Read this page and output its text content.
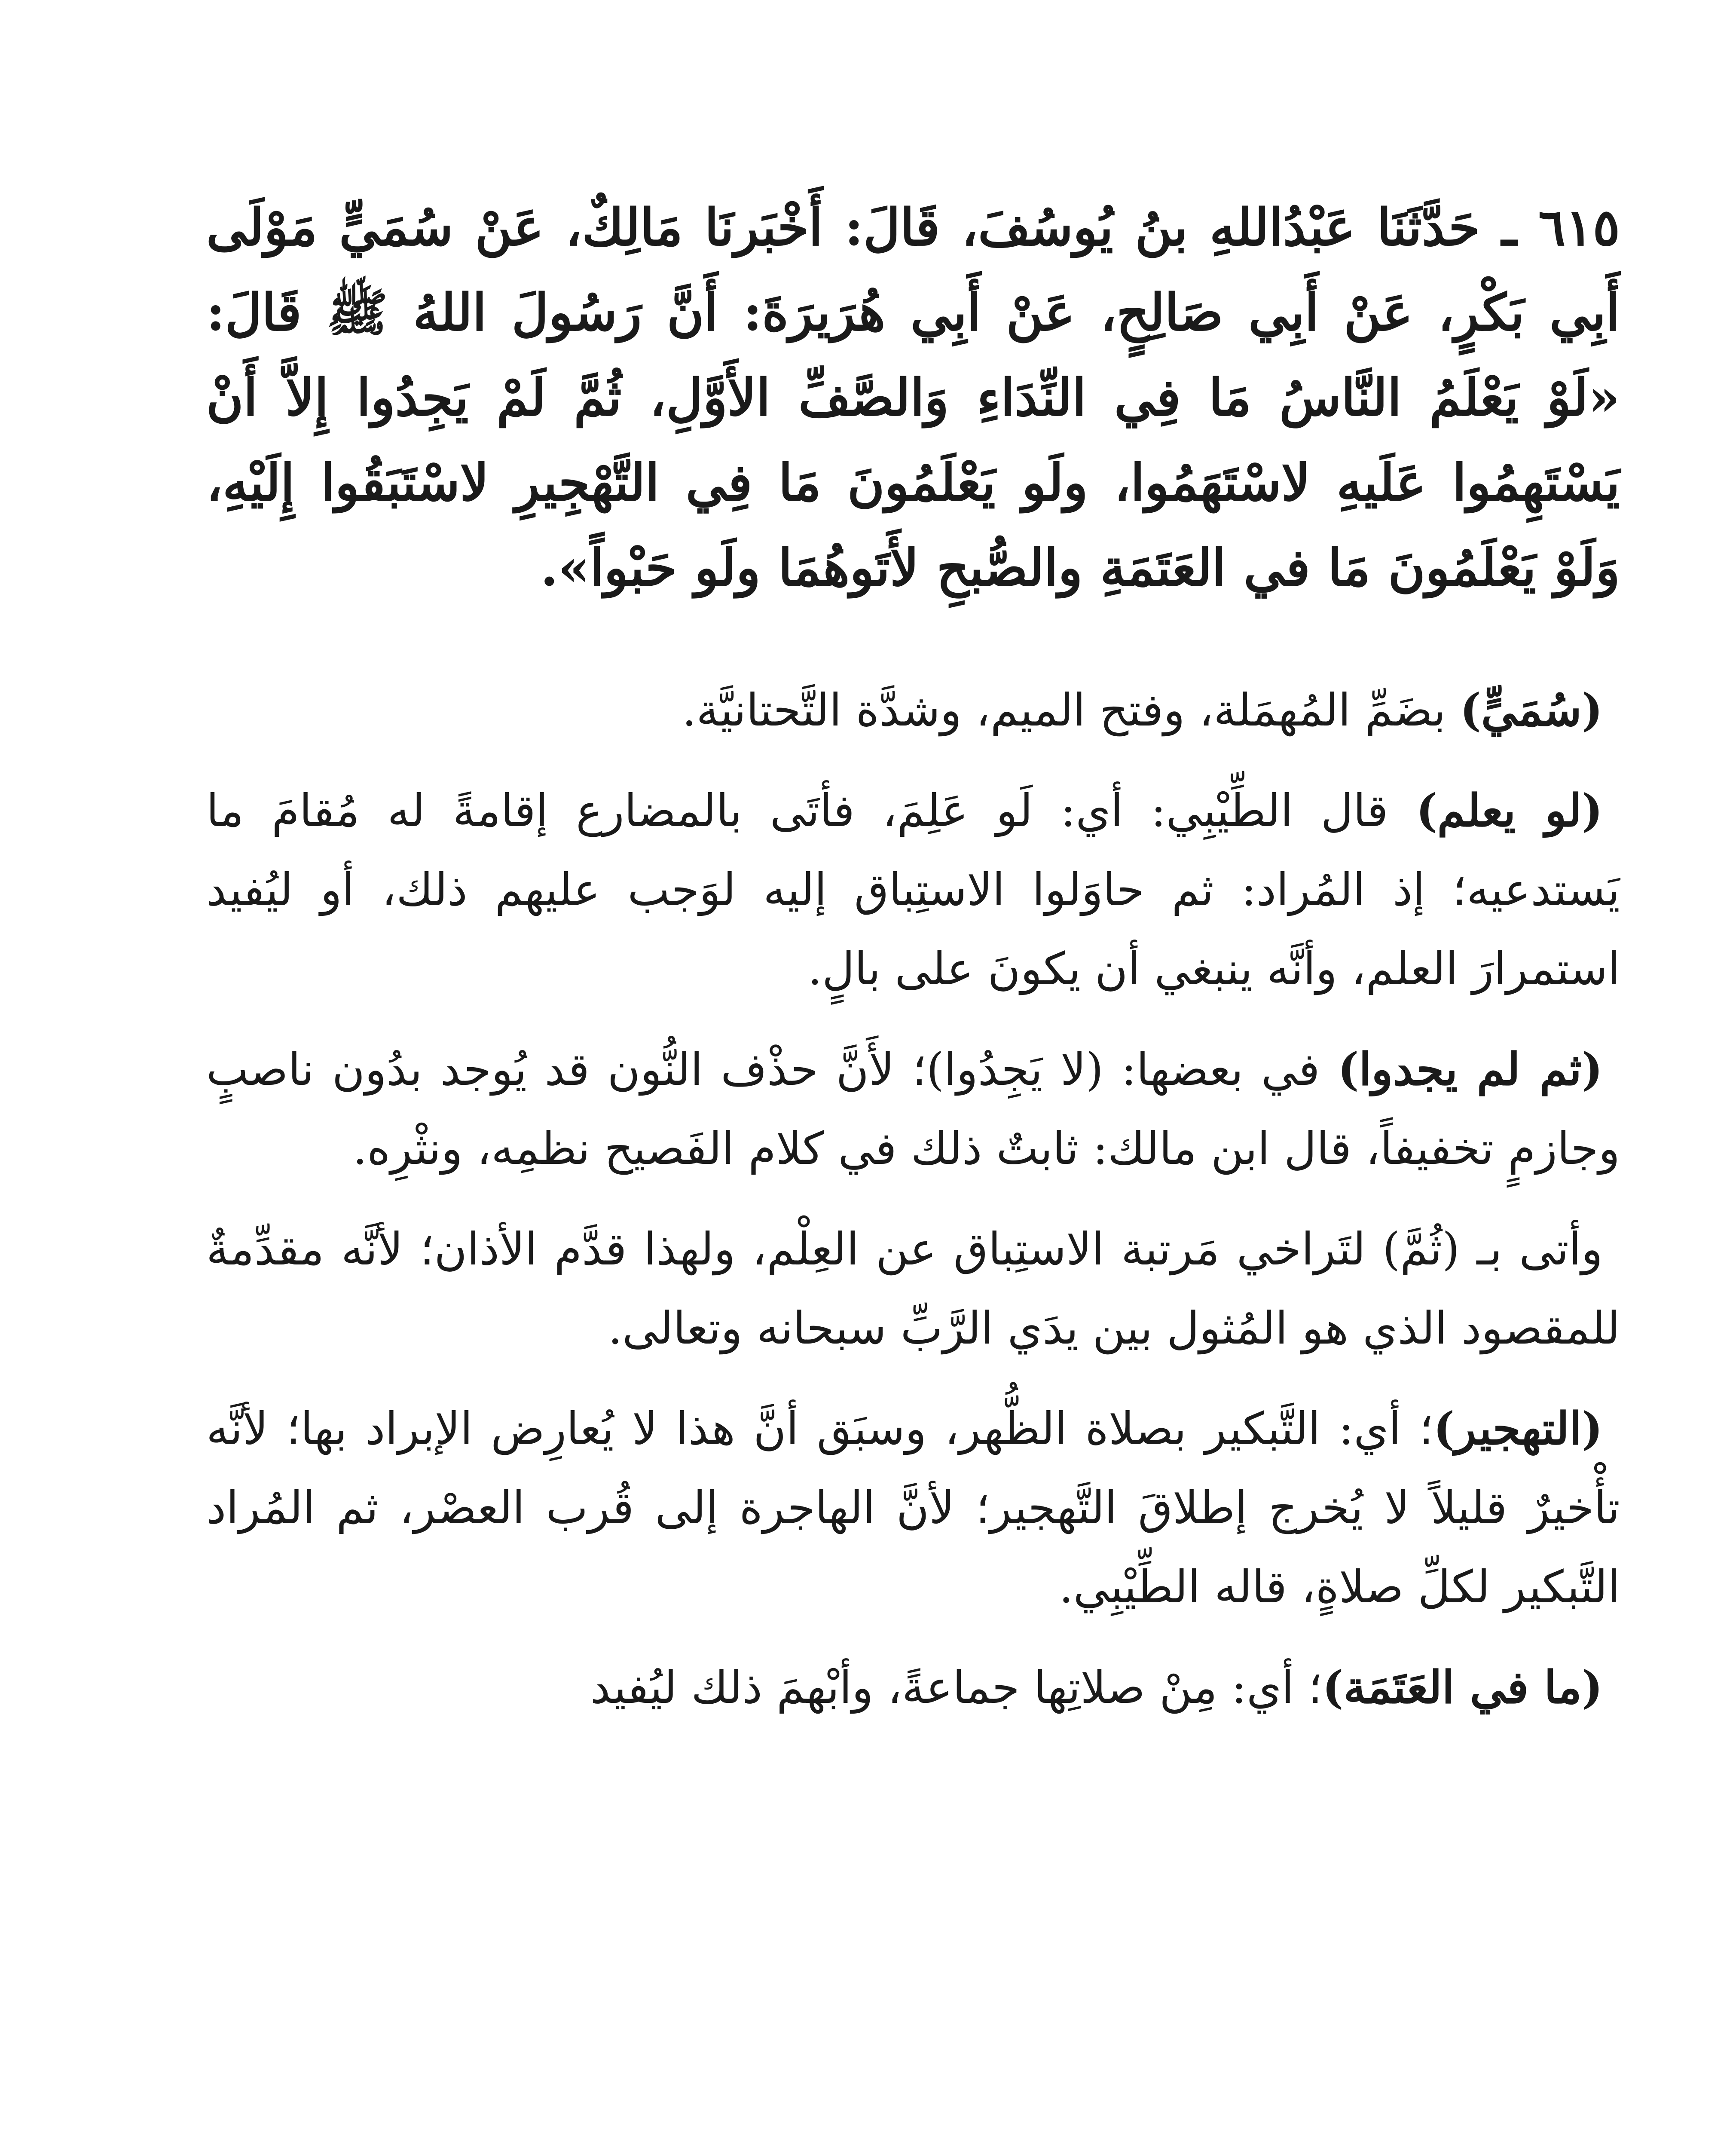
٦١٥ ـ حَدَّثَنَا عَبْدُاللهِ بنُ يُوسُفَ، قَالَ: أَخْبَرنَا مَالِكٌ، عَنْ سُمَيٍّ مَوْلَى أَبِي بَكْرٍ، عَنْ أَبِي صَالِحٍ، عَنْ أَبِي هُرَيرَةَ: أَنَّ رَسُولَ اللهُ ﷺ قَالَ: «لَوْ يَعْلَمُ النَّاسُ مَا فِي النِّدَاءِ وَالصَّفِّ الأَوَّلِ، ثُمَّ لَمْ يَجِدُوا إِلاَّ أَنْ يَسْتَهِمُوا عَلَيهِ لاسْتَهَمُوا، ولَو يَعْلَمُونَ مَا فِي التَّهْجِيرِ لاسْتَبَقُوا إِلَيْهِ، وَلَوْ يَعْلَمُونَ مَا في العَتَمَةِ والصُّبحِ لأَتَوهُمَا ولَو حَبْواً».

(سُمَيٍّ) بضَمِّ المُهمَلة، وفتح الميم، وشدَّة التَّحتانيَّة.

(لو يعلم) قال الطِّيْبِي: أي: لَو عَلِمَ، فأتَى بالمضارع إقامةً له مُقامَ ما يَستدعيه؛ إذ المُراد: ثم حاوَلوا الاستِباق إليه لوَجب عليهم ذلك، أو ليُفيد استمرارَ العلم، وأنَّه ينبغي أن يكونَ على بالٍ.

(ثم لم يجدوا) في بعضها: (لا يَجِدُوا)؛ لأَنَّ حذْف النُّون قد يُوجد بدُون ناصبٍ وجازمٍ تخفيفاً، قال ابن مالك: ثابتٌ ذلك في كلام الفَصيح نظمِه، ونثْرِه.

وأتى بـ (ثُمَّ) لتَراخي مَرتبة الاستِباق عن العِلْم، ولهذا قدَّم الأذان؛ لأنَّه مقدِّمةٌ للمقصود الذي هو المُثول بين يدَي الرَّبِّ سبحانه وتعالى.

(التهجير)؛ أي: التَّبكير بصلاة الظُّهر، وسبَق أنَّ هذا لا يُعارِض الإبراد بها؛ لأنَّه تأْخيرٌ قليلاً لا يُخرج إطلاقَ التَّهجير؛ لأنَّ الهاجرة إلى قُرب العصْر، ثم المُراد التَّبكير لكلِّ صلاةٍ، قاله الطِّيْبِي.

(ما في العَتَمَة)؛ أي: مِنْ صلاتِها جماعةً، وأبْهمَ ذلك ليُفيد
